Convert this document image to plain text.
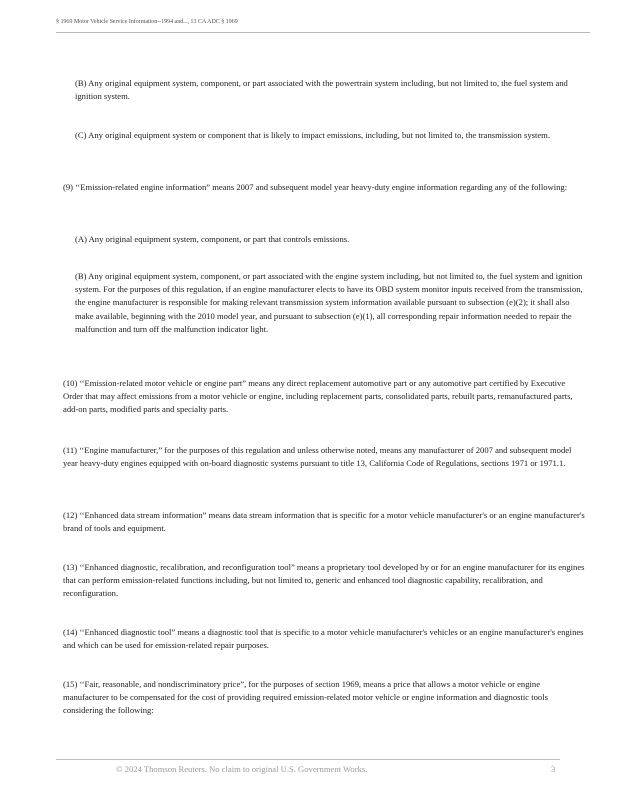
§ 1969 Motor Vehicle Service Information--1994 and..., 13 CA ADC § 1969

(B) Any original equipment system, component, or part associated with the powertrain system including, but not limited to, the fuel system and ignition system.

(C) Any original equipment system or component that is likely to impact emissions, including, but not limited to, the transmission system.

(9) ‘‘Emission-related engine information” means 2007 and subsequent model year heavy-duty engine information regarding any of the following:

(A) Any original equipment system, component, or part that controls emissions.

(B) Any original equipment system, component, or part associated with the engine system including, but not limited to, the fuel system and ignition system. For the purposes of this regulation, if an engine manufacturer elects to have its OBD system monitor inputs received from the transmission, the engine manufacturer is responsible for making relevant transmission system information available pursuant to subsection (e)(2); it shall also make available, beginning with the 2010 model year, and pursuant to subsection (e)(1), all corresponding repair information needed to repair the malfunction and turn off the malfunction indicator light.

(10) ‘‘Emission-related motor vehicle or engine part” means any direct replacement automotive part or any automotive part certified by Executive Order that may affect emissions from a motor vehicle or engine, including replacement parts, consolidated parts, rebuilt parts, remanufactured parts, add-on parts, modified parts and specialty parts.

(11) ‘‘Engine manufacturer,” for the purposes of this regulation and unless otherwise noted, means any manufacturer of 2007 and subsequent model year heavy-duty engines equipped with on-board diagnostic systems pursuant to title 13, California Code of Regulations, sections 1971 or 1971.1.

(12) ‘‘Enhanced data stream information” means data stream information that is specific for a motor vehicle manufacturer's or an engine manufacturer's brand of tools and equipment.

(13) ‘‘Enhanced diagnostic, recalibration, and reconfiguration tool” means a proprietary tool developed by or for an engine manufacturer for its engines that can perform emission-related functions including, but not limited to, generic and enhanced tool diagnostic capability, recalibration, and reconfiguration.

(14) ‘‘Enhanced diagnostic tool” means a diagnostic tool that is specific to a motor vehicle manufacturer's vehicles or an engine manufacturer's engines and which can be used for emission-related repair purposes.

(15) ‘‘Fair, reasonable, and nondiscriminatory price”, for the purposes of section 1969, means a price that allows a motor vehicle or engine manufacturer to be compensated for the cost of providing required emission-related motor vehicle or engine information and diagnostic tools considering the following:

© 2024 Thomson Reuters. No claim to original U.S. Government Works.	3
